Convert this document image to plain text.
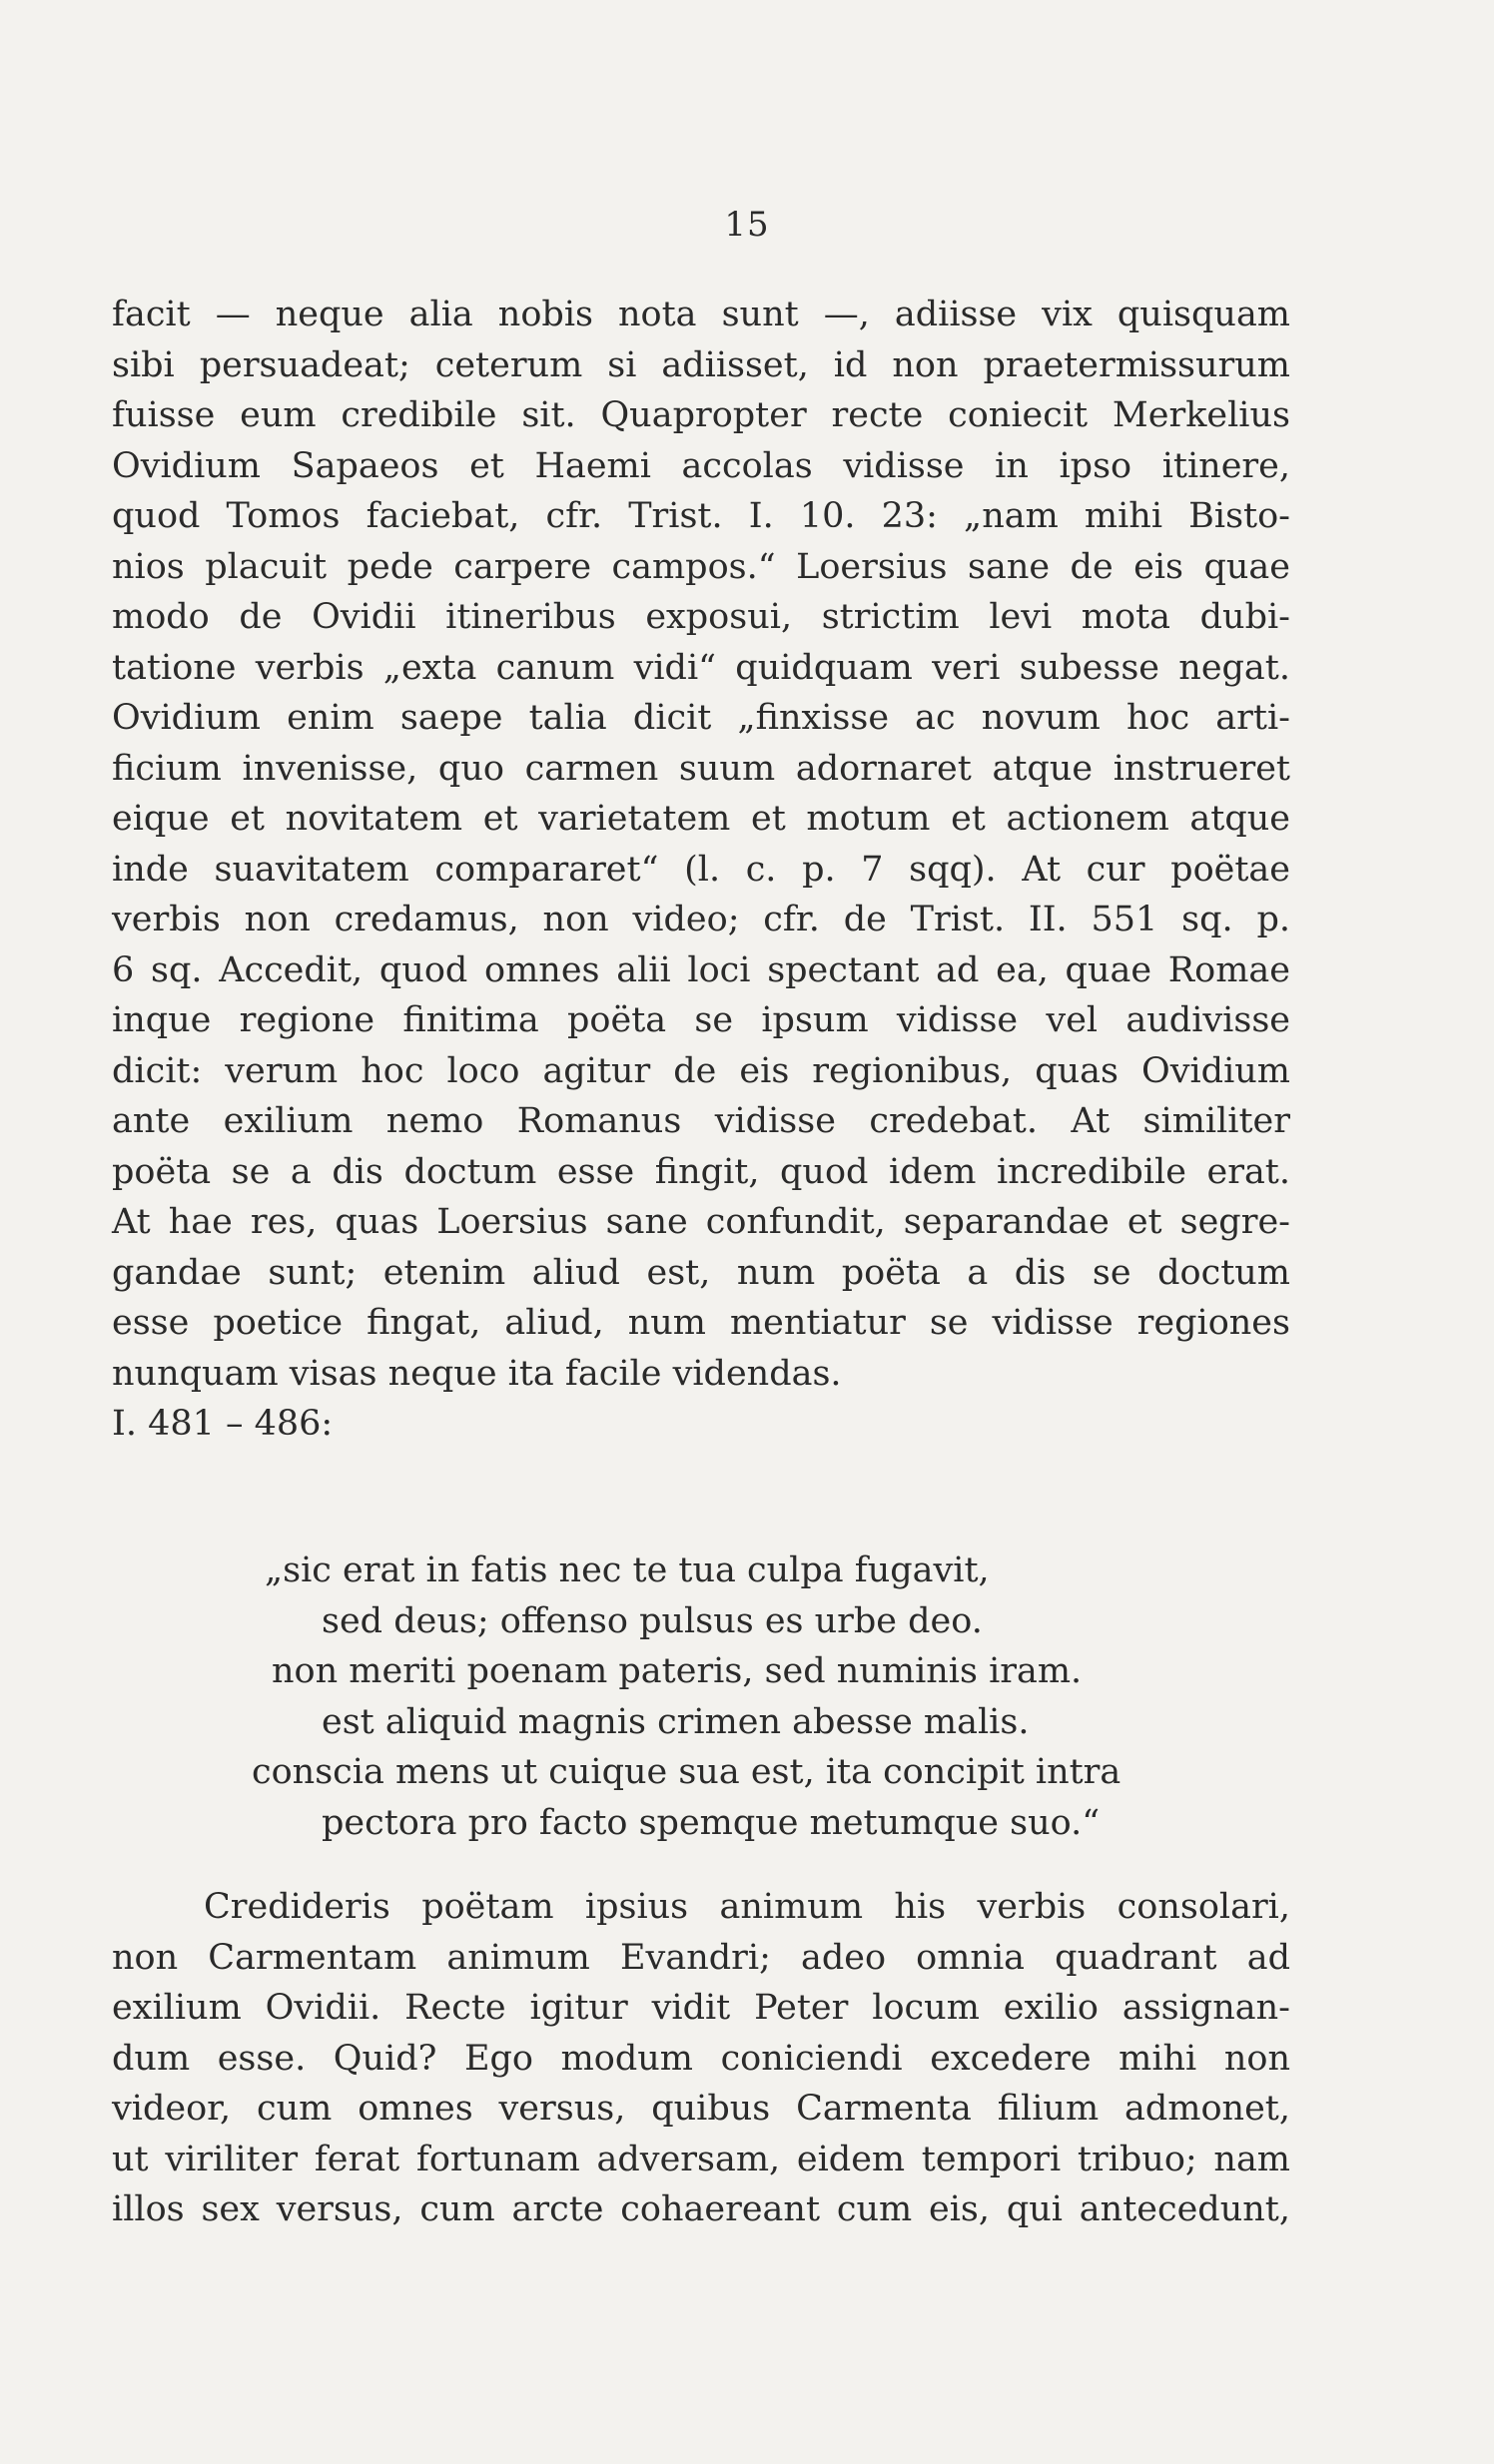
15
facit — neque alia nobis nota sunt —, adiisse vix quisquam
sibi persuadeat; ceterum si adiisset, id non praetermissurum
fuisse eum credibile sit. Quapropter recte coniecit Merkelius
Ovidium Sapaeos et Haemi accolas vidisse in ipso itinere,
quod Tomos faciebat, cfr. Trist. I. 10. 23: „nam mihi Bisto-
nios placuit pede carpere campos.“ Loersius sane de eis quae
modo de Ovidii itineribus exposui, strictim levi mota dubi-
tatione verbis „exta canum vidi“ quidquam veri subesse negat.
Ovidium enim saepe talia dicit „finxisse ac novum hoc arti-
ficium invenisse, quo carmen suum adornaret atque instrueret
eique et novitatem et varietatem et motum et actionem atque
inde suavitatem compararet“ (l. c. p. 7 sqq). At cur poëtae
verbis non credamus, non video; cfr. de Trist. II. 551 sq. p.
6 sq. Accedit, quod omnes alii loci spectant ad ea, quae Romae
inque regione finitima poëta se ipsum vidisse vel audivisse
dicit: verum hoc loco agitur de eis regionibus, quas Ovidium
ante exilium nemo Romanus vidisse credebat. At similiter
poëta se a dis doctum esse fingit, quod idem incredibile erat.
At hae res, quas Loersius sane confundit, separandae et segre-
gandae sunt; etenim aliud est, num poëta a dis se doctum
esse poetice fingat, aliud, num mentiatur se vidisse regiones
nunquam visas neque ita facile videndas.
I. 481 – 486:
„sic erat in fatis nec te tua culpa fugavit,
sed deus; offenso pulsus es urbe deo.
non meriti poenam pateris, sed numinis iram.
est aliquid magnis crimen abesse malis.
conscia mens ut cuique sua est, ita concipit intra
pectora pro facto spemque metumque suo.“
Credideris poëtam ipsius animum his verbis consolari,
non Carmentam animum Evandri; adeo omnia quadrant ad
exilium Ovidii. Recte igitur vidit Peter locum exilio assignan-
dum esse. Quid? Ego modum coniciendi excedere mihi non
videor, cum omnes versus, quibus Carmenta filium admonet,
ut viriliter ferat fortunam adversam, eidem tempori tribuo; nam
illos sex versus, cum arcte cohaereant cum eis, qui antecedunt,
